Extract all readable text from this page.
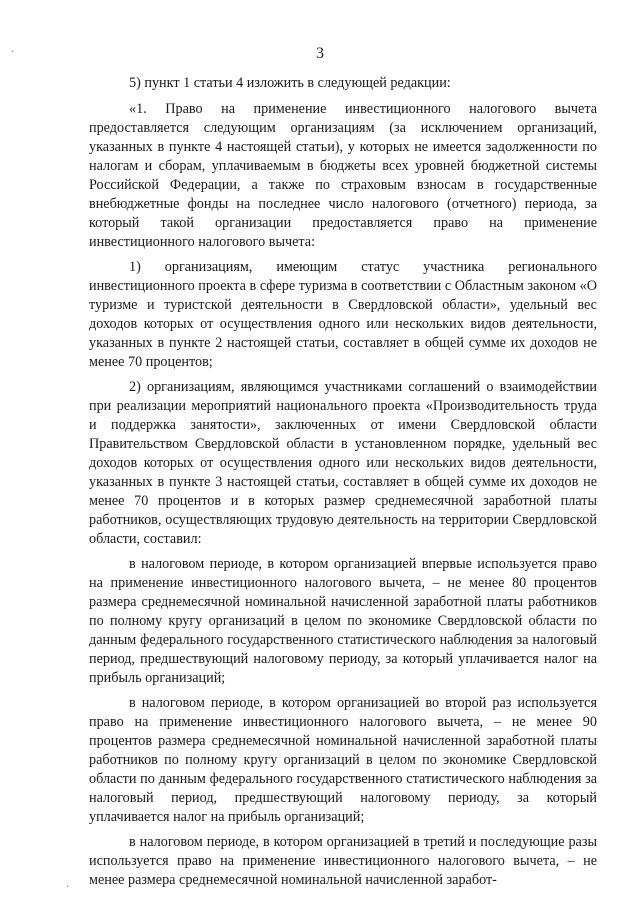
3

5) пункт 1 статьи 4 изложить в следующей редакции:

«1. Право на применение инвестиционного налогового вычета предоставляется следующим организациям (за исключением организаций, указанных в пункте 4 настоящей статьи), у которых не имеется задолженности по налогам и сборам, уплачиваемым в бюджеты всех уровней бюджетной системы Российской Федерации, а также по страховым взносам в государственные внебюджетные фонды на последнее число налогового (отчетного) периода, за который такой организации предоставляется право на применение инвестиционного налогового вычета:

1) организациям, имеющим статус участника регионального инвестиционного проекта в сфере туризма в соответствии с Областным законом «О туризме и туристской деятельности в Свердловской области», удельный вес доходов которых от осуществления одного или нескольких видов деятельности, указанных в пункте 2 настоящей статьи, составляет в общей сумме их доходов не менее 70 процентов;

2) организациям, являющимся участниками соглашений о взаимодействии при реализации мероприятий национального проекта «Производительность труда и поддержка занятости», заключенных от имени Свердловской области Правительством Свердловской области в установленном порядке, удельный вес доходов которых от осуществления одного или нескольких видов деятельности, указанных в пункте 3 настоящей статьи, составляет в общей сумме их доходов не менее 70 процентов и в которых размер среднемесячной заработной платы работников, осуществляющих трудовую деятельность на территории Свердловской области, составил:

в налоговом периоде, в котором организацией впервые используется право на применение инвестиционного налогового вычета, – не менее 80 процентов размера среднемесячной номинальной начисленной заработной платы работников по полному кругу организаций в целом по экономике Свердловской области по данным федерального государственного статистического наблюдения за налоговый период, предшествующий налоговому периоду, за который уплачивается налог на прибыль организаций;

в налоговом периоде, в котором организацией во второй раз используется право на применение инвестиционного налогового вычета, – не менее 90 процентов размера среднемесячной номинальной начисленной заработной платы работников по полному кругу организаций в целом по экономике Свердловской области по данным федерального государственного статистического наблюдения за налоговый период, предшествующий налоговому периоду, за который уплачивается налог на прибыль организаций;

в налоговом периоде, в котором организацией в третий и последующие разы используется право на применение инвестиционного налогового вычета, – не менее размера среднемесячной номинальной начисленной заработ-

·
·
